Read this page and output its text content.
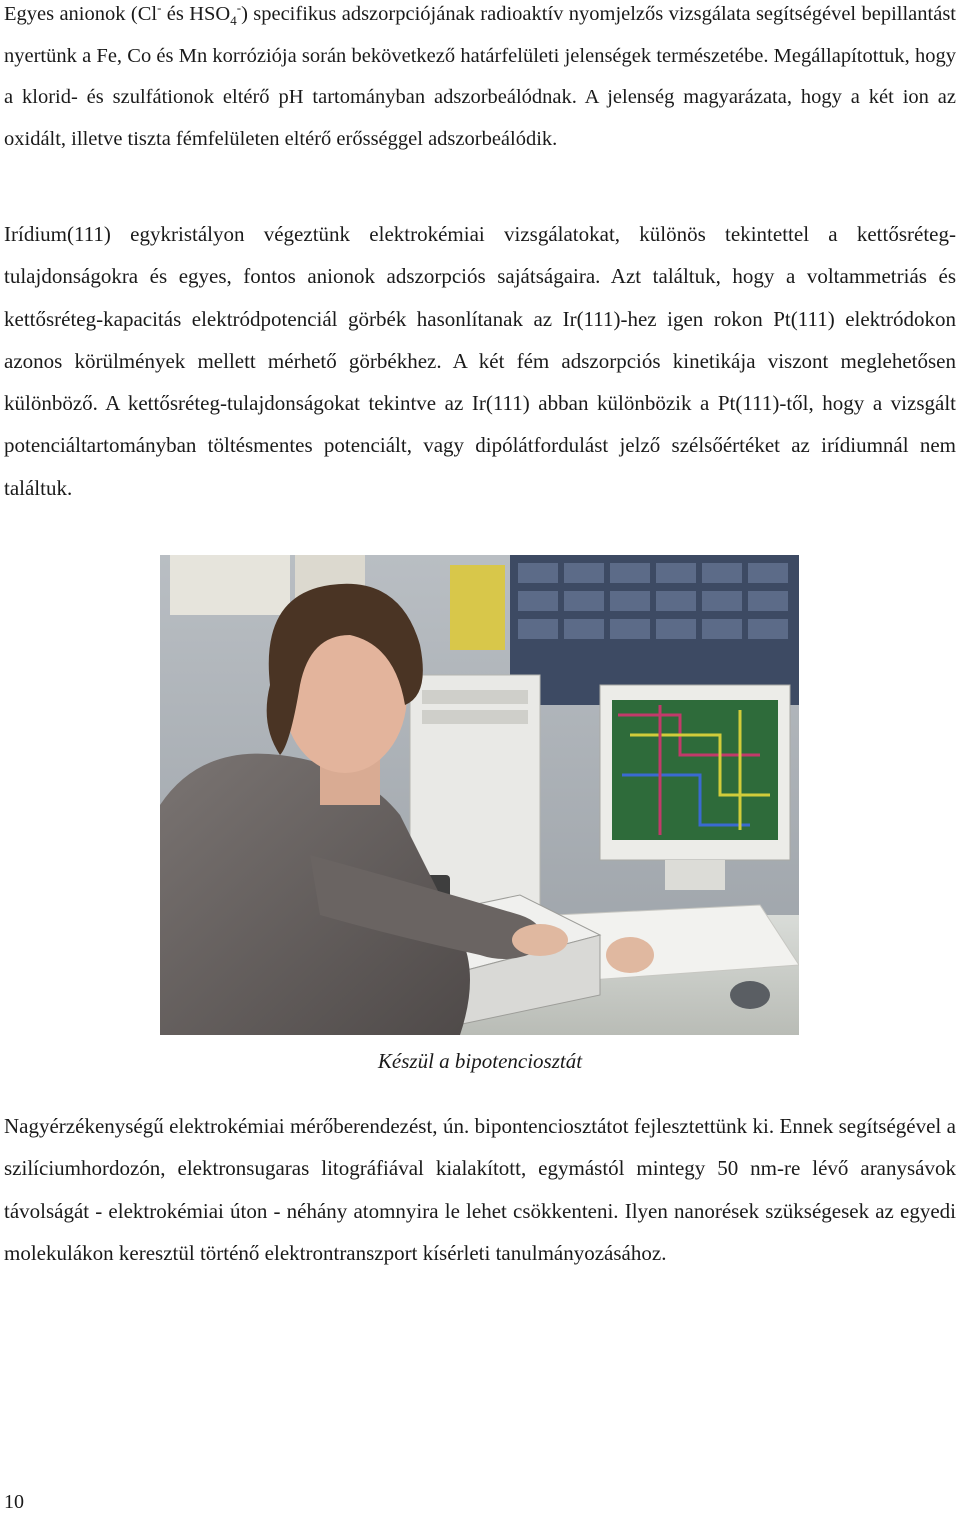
Egyes anionok (Cl- és $HSO_4^-$) specifikus adszorpciójának radioaktív nyomjelzős vizsgálata segítségével bepillantást nyertünk a Fe, Co és Mn korróziója során bekövetkező határfelületi jelenségek természetébe. Megállapítottuk, hogy a klorid- és szulfátionok eltérő pH tartományban adszorbeálódnak. A jelenség magyarázata, hogy a két ion az oxidált, illetve tiszta fémfelületen eltérő erősséggel adszorbeálódik.

Irídium(111) egykristályon végeztünk elektrokémiai vizsgálatokat, különös tekintettel a kettősréteg-tulajdonságokra és egyes, fontos anionok adszorpciós sajátságaira. Azt találtuk, hogy a voltammetriás és kettősréteg-kapacitás elektródpotenciál görbék hasonlítanak az Ir(111)-hez igen rokon Pt(111) elektródokon azonos körülmények mellett mérhető görbékhez. A két fém adszorpciós kinetikája viszont meglehetősen különböző. A kettősréteg-tulajdonságokat tekintve az Ir(111) abban különbözik a Pt(111)-től, hogy a vizsgált potenciáltartományban töltésmentes potenciált, vagy dipólátfordulást jelző szélsőértéket az irídiumnál nem találtuk.

Készül a bipotenciosztát

Nagyérzékenységű elektrokémiai mérőberendezést, ún. bipontenciosztátot fejlesztettünk ki. Ennek segítségével a szilíciumhordozón, elektronsugaras litográfiával kialakított, egymástól mintegy 50 nm-re lévő aranysávok távolságát - elektrokémiai úton - néhány atomnyira le lehet csökkenteni. Ilyen nanorések szükségesek az egyedi molekulákon keresztül történő elektrontranszport kísérleti tanulmányozásához.

10
